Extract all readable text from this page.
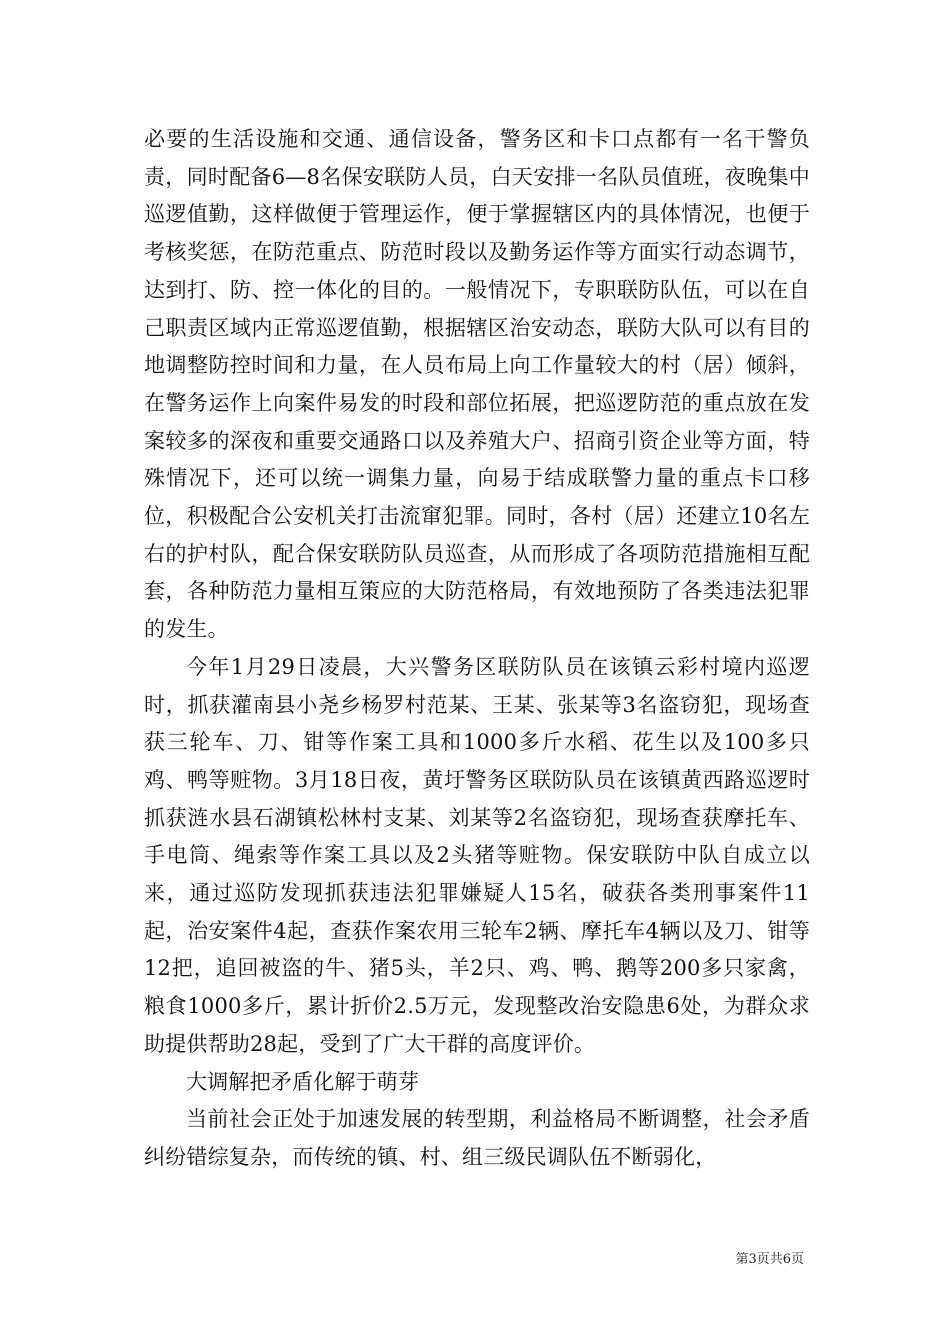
必要的生活设施和交通、通信设备，警务区和卡口点都有一名干警负责，同时配备6—8名保安联防人员，白天安排一名队员值班，夜晚集中巡逻值勤，这样做便于管理运作，便于掌握辖区内的具体情况，也便于考核奖惩，在防范重点、防范时段以及勤务运作等方面实行动态调节，达到打、防、控一体化的目的。一般情况下，专职联防队伍，可以在自己职责区域内正常巡逻值勤，根据辖区治安动态，联防大队可以有目的地调整防控时间和力量，在人员布局上向工作量较大的村（居）倾斜，在警务运作上向案件易发的时段和部位拓展，把巡逻防范的重点放在发案较多的深夜和重要交通路口以及养殖大户、招商引资企业等方面，特殊情况下，还可以统一调集力量，向易于结成联警力量的重点卡口移位，积极配合公安机关打击流窜犯罪。同时，各村（居）还建立10名左右的护村队，配合保安联防队员巡查，从而形成了各项防范措施相互配套，各种防范力量相互策应的大防范格局，有效地预防了各类违法犯罪的发生。

今年1月29日凌晨，大兴警务区联防队员在该镇云彩村境内巡逻时，抓获灌南县小尧乡杨罗村范某、王某、张某等3名盗窃犯，现场查获三轮车、刀、钳等作案工具和1000多斤水稻、花生以及100多只鸡、鸭等赃物。3月18日夜，黄圩警务区联防队员在该镇黄西路巡逻时抓获涟水县石湖镇松林村支某、刘某等2名盗窃犯，现场查获摩托车、手电筒、绳索等作案工具以及2头猪等赃物。保安联防中队自成立以来，通过巡防发现抓获违法犯罪嫌疑人15名，破获各类刑事案件11起，治安案件4起，查获作案农用三轮车2辆、摩托车4辆以及刀、钳等12把，追回被盗的牛、猪5头，羊2只、鸡、鸭、鹅等200多只家禽，粮食1000多斤，累计折价2.5万元，发现整改治安隐患6处，为群众求助提供帮助28起，受到了广大干群的高度评价。

大调解把矛盾化解于萌芽

当前社会正处于加速发展的转型期，利益格局不断调整，社会矛盾纠纷错综复杂，而传统的镇、村、组三级民调队伍不断弱化，

第3页共6页
